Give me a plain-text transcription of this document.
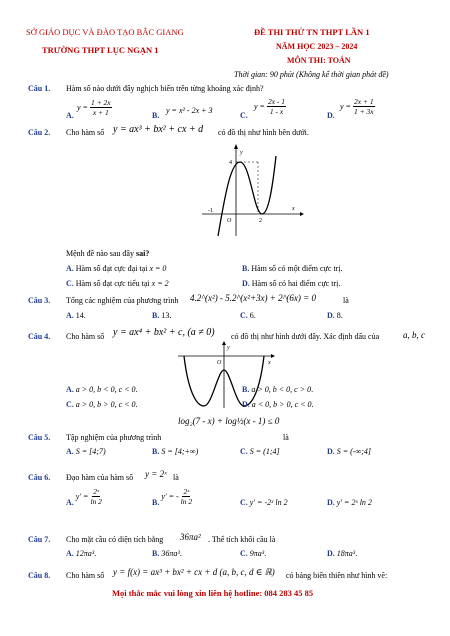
SỞ GIÁO DỤC VÀ ĐÀO TẠO BẮC GIANG
TRƯỜNG THPT LỤC NGẠN 1
ĐỀ THI THỬ TN THPT LẦN 1
NĂM HỌC 2023 – 2024
MÔN THI: TOÁN
Thời gian: 90 phút (Không kể thời gian phát đề)
Câu 1. Hàm số nào dưới đây nghịch biến trên từng khoảng xác định?
A.
$y = \frac{1 + 2x}{x + 1}$	B.
y = x² - 2x + 3
C.
$y = \frac{2x - 1}{1 - x}$	D.
$y = \frac{2x + 1}{1 + 3x}$
Câu 2. Cho hàm số y = ax³ + bx² + cx + d có đồ thị như hình bên dưới.
y
x
O
4
-1
2
Mệnh đề nào sau đây sai?
A. Hàm số đạt cực đại tại x = 0	B. Hàm số có một điểm cực trị.
C. Hàm số đạt cực tiểu tại x = 2	D. Hàm số có hai điểm cực trị.
Câu 3. Tổng các nghiệm của phương trình 4.2^(x²) - 5.2^(x²+3x) + 2^(6x) = 0	là
A. 14.	B. 13.	C. 6.	D. 8.
Câu 4. Cho hàm số y = ax⁴ + bx² + c, (a ≠ 0) có đồ thị như hình dưới đây. Xác định dấu của	a, b, c
y
x
O
A. a > 0, b < 0, c < 0.	B. a > 0, b < 0, c > 0.
C. a > 0, b > 0, c < 0.	D. a < 0, b > 0, c < 0.
log₂(7 - x) + log½(x - 1) ≤ 0
Câu 5. Tập nghiệm của phương trình	là
A. S = [4;7)	B. S = [4;+∞)	C. S = (1;4]	D. S = (-∞;4]
Câu 6. Đạo hàm của hàm số y = 2ˣ là
A.
$y' = \frac{\text{2ˣ}}{\ln 2}$	B.
y' = - $\frac{\text{2ˣ}}{\ln 2}$	C. y' = -2ˣ ln 2	D. y' = 2ˣ ln 2
Câu 7. Cho mặt cầu có diện tích bằng 36πa² . Thể tích khối cầu là
A. 12πa³.	B. 36πa³.	C. 9πa³.	D. 18πa³.
Câu 8. Cho hàm số y = f(x) = ax³ + bx² + cx + d (a, b, c, d ∈ ℝ) có bảng biến thiên như hình vẽ:
Mọi thắc mắc vui lòng xin liên hệ hotline: 084 283 45 85
